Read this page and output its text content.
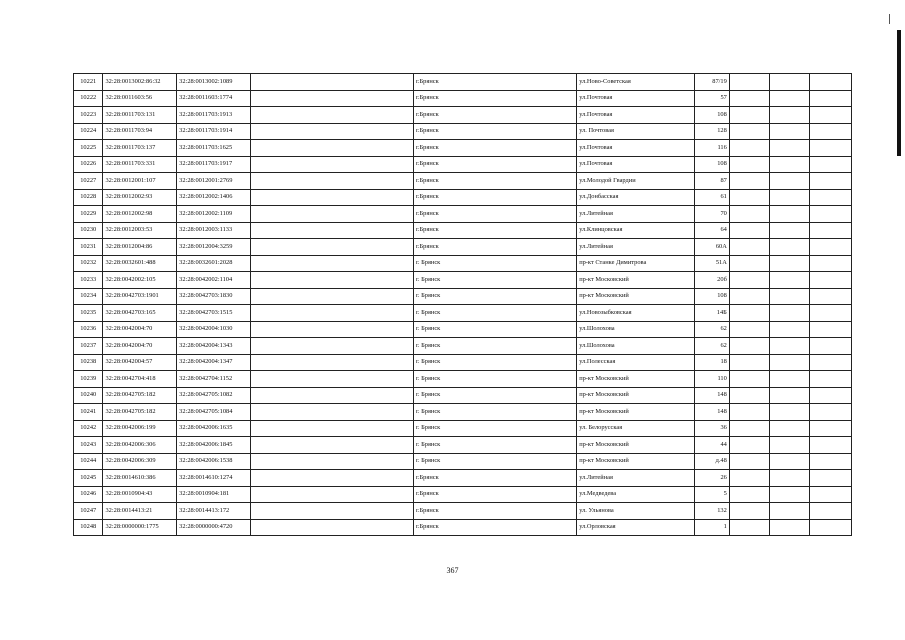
10221	32:28:0013002:86:32	32:28:0013002:1089		г.Брянск	ул.Ново-Советская	87/19			
10222	32:28:0011603:56	32:28:0011603:1774		г.Брянск	ул.Почтовая	57			
10223	32:28:0011703:131	32:28:0011703:1913		г.Брянск	ул.Почтовая	108			
10224	32:28:0011703:94	32:28:0011703:1914		г.Брянск	ул. Почтовая	128			
10225	32:28:0011703:137	32:28:0011703:1625		г.Брянск	ул.Почтовая	116			
10226	32:28:0011703:331	32:28:0011703:1917		г.Брянск	ул.Почтовая	108			
10227	32:28:0012001:107	32:28:0012001:2769		г.Брянск	ул.Молодой Гвардии	87			
10228	32:28:0012002:93	32:28:0012002:1406		г.Брянск	ул.Донбасская	61			
10229	32:28:0012002:98	32:28:0012002:1109		г.Брянск	ул.Литейная	70			
10230	32:28:0012003:53	32:28:0012003:1133		г.Брянск	ул.Клинцовская	64			
10231	32:28:0012004:86	32:28:0012004:3259		г.Брянск	ул.Литейная	60А			
10232	32:28:0032601:488	32:28:0032601:2028		г. Брянск	пр-кт Станке Димитрова	51А			
10233	32:28:0042002:105	32:28:0042002:1104		г. Брянск	пр-кт Московский	20б			
10234	32:28:0042703:1901	32:28:0042703:1830		г. Брянск	пр-кт Московский	108			
10235	32:28:0042703:165	32:28:0042703:1515		г. Брянск	ул.Новозыбковская	14Б			
10236	32:28:0042004:70	32:28:0042004:1030		г. Брянск	ул.Шолохова	62			
10237	32:28:0042004:70	32:28:0042004:1343		г. Брянск	ул.Шолохова	62			
10238	32:28:0042004:57	32:28:0042004:1347		г. Брянск	ул.Полесская	18			
10239	32:28:0042704:418	32:28:0042704:1152		г. Брянск	пр-кт Московский	110			
10240	32:28:0042705:182	32:28:0042705:1082		г. Брянск	пр-кт Московский	148			
10241	32:28:0042705:182	32:28:0042705:1084		г. Брянск	пр-кт Московский	148			
10242	32:28:0042006:199	32:28:0042006:1635		г. Брянск	ул. Белорусская	36			
10243	32:28:0042006:306	32:28:0042006:1845		г. Брянск	пр-кт Московский	44			
10244	32:28:0042006:309	32:28:0042006:1538		г. Брянск	пр-кт Московский	д.48			
10245	32:28:0014610:386	32:28:0014610:1274		г.Брянск	ул.Литейная	26			
10246	32:28:0010904:43	32:28:0010904:181		г.Брянск	ул.Медведева	5			
10247	32:28:0014413:21	32:28:0014413:172		г.Брянск	ул. Ульянова	132			
10248	32:28:0000000:1775	32:28:0000000:4720		г.Брянск	ул.Орловская	1			
367
